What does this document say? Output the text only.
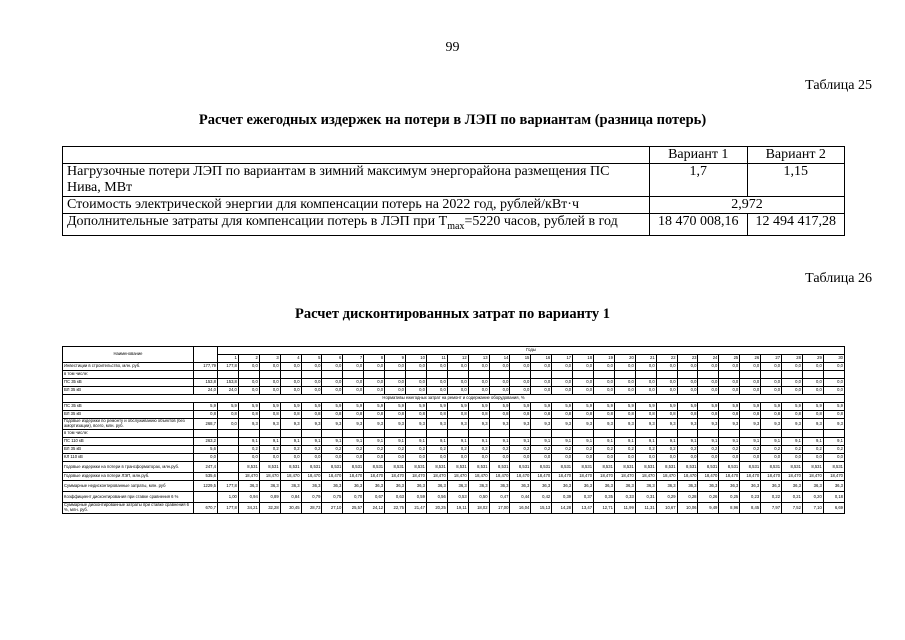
99
Таблица 25
Расчет ежегодных издержек на потери в ЛЭП по вариантам (разница потерь)
	Вариант 1	Вариант 2
Нагрузочные потери ЛЭП по вариантам в зимний максимум энергорайона размещения ПС Нива, МВт	1,7	1,15
Стоимость электрической энергии для компенсации потерь на 2022 год, рублей/кВт·ч	2,972	
Дополнительные затраты для компенсации потерь в ЛЭП при $Т_{max}=5220$ часов, рублей в год	18 470 008,16	12 494 417,28
Таблица 26
Расчет дисконтированных затрат по варианту 1
Наименование		Годы																													
		1	2	3	4	5	6	7	8	9	10	11	12	13	14	15	16	17	18	19	20	21	22	23	24	25	26	27	28	29	30
Инвестиции в строительство, млн. руб.	177,79	177,8	0,0	0,0	0,0	0,0	0,0	0,0	0,0	0,0	0,0	0,0	0,0	0,0	0,0	0,0	0,0	0,0	0,0	0,0	0,0	0,0	0,0	0,0	0,0	0,0	0,0	0,0	0,0	0,0	0,0
в том числе:																															
ПС 35 кВ	153,8	153,8	0,0	0,0	0,0	0,0	0,0	0,0	0,0	0,0	0,0	0,0	0,0	0,0	0,0	0,0	0,0	0,0	0,0	0,0	0,0	0,0	0,0	0,0	0,0	0,0	0,0	0,0	0,0	0,0	0,0
ВЛ 35 кВ	24,0	24,0	0,0	0,0	0,0	0,0	0,0	0,0	0,0	0,0	0,0	0,0	0,0	0,0	0,0	0,0	0,0	0,0	0,0	0,0	0,0	0,0	0,0	0,0	0,0	0,0	0,0	0,0	0,0	0,0	0,0
Нормативы ежегодных затрат на ремонт и содержание оборудования, %																															
ПС 35 кВ	5,9	5,9	5,9	5,9	5,9	5,9	5,9	5,9	5,9	5,9	5,9	5,9	5,9	5,9	5,9	5,9	5,9	5,9	5,9	5,9	5,9	5,9	5,9	5,9	5,9	5,9	5,9	5,9	5,9	5,9	5,9
ВЛ 35 кВ	0,8	0,8	0,8	0,8	0,8	0,8	0,8	0,8	0,8	0,8	0,8	0,8	0,8	0,8	0,8	0,8	0,8	0,8	0,8	0,8	0,8	0,8	0,8	0,8	0,8	0,8	0,8	0,8	0,8	0,8	0,8
Годовые издержки по ремонту и обслуживанию объектов (без амортизации), всего, млн. руб.	268,7	0,0	9,3	9,3	9,3	9,3	9,3	9,3	9,3	9,3	9,3	9,3	9,3	9,3	9,3	9,3	9,3	9,3	9,3	9,3	9,3	9,3	9,3	9,3	9,3	9,3	9,3	9,3	9,3	9,3	9,3
в том числе:																															
ПС 110 кВ	263,2		9,1	9,1	9,1	9,1	9,1	9,1	9,1	9,1	9,1	9,1	9,1	9,1	9,1	9,1	9,1	9,1	9,1	9,1	9,1	9,1	9,1	9,1	9,1	9,1	9,1	9,1	9,1	9,1	9,1
ВЛ 35 кВ	5,6		0,2	0,2	0,2	0,2	0,2	0,2	0,2	0,2	0,2	0,2	0,2	0,2	0,2	0,2	0,2	0,2	0,2	0,2	0,2	0,2	0,2	0,2	0,2	0,2	0,2	0,2	0,2	0,2	0,2
КЛ 110 кВ	0,0		0,0	0,0	0,0	0,0	0,0	0,0	0,0	0,0	0,0	0,0	0,0	0,0	0,0	0,0	0,0	0,0	0,0	0,0	0,0	0,0	0,0	0,0	0,0	0,0	0,0	0,0	0,0	0,0	0,0
Годовые издержки на потери в трансформаторах, млн.руб.	247,4		8,531	8,531	8,531	8,531	8,531	8,531	8,531	8,531	8,531	8,531	8,531	8,531	8,531	8,531	8,531	8,531	8,531	8,531	8,531	8,531	8,531	8,531	8,531	8,531	8,531	8,531	8,531	8,531	8,531
Годовые издержки на потери ЛЭП, млн.руб.	535,6		18,470	18,470	18,470	18,470	18,470	18,470	18,470	18,470	18,470	18,470	18,470	18,470	18,470	18,470	18,470	18,470	18,470	18,470	18,470	18,470	18,470	18,470	18,470	18,470	18,470	18,470	18,470	18,470	18,470
Суммарные недисконтированные затраты, млн. руб	1229,5	177,8	36,3	36,3	36,3	36,3	36,3	36,3	36,3	36,3	36,3	36,3	36,3	36,3	36,3	36,3	36,3	36,3	36,3	36,3	36,3	36,3	36,3	36,3	36,3	36,3	36,3	36,3	36,3	36,3	36,3
Коэффициент дисконтирования при ставке сравнения 6 %		1,00	0,94	0,89	0,84	0,79	0,75	0,70	0,67	0,63	0,59	0,56	0,53	0,50	0,47	0,44	0,42	0,39	0,37	0,35	0,33	0,31	0,29	0,28	0,26	0,25	0,23	0,22	0,21	0,20	0,18
Суммарные дисконтированные затраты при ставке сравнения 6 %, млн. руб.	670,7	177,8	34,21	32,28	30,45	28,73	27,10	25,57	24,12	22,75	21,47	20,25	19,11	18,02	17,00	16,04	15,13	14,28	13,47	12,71	11,99	11,31	10,67	10,06	9,49	8,96	8,45	7,97	7,52	7,10	6,69
